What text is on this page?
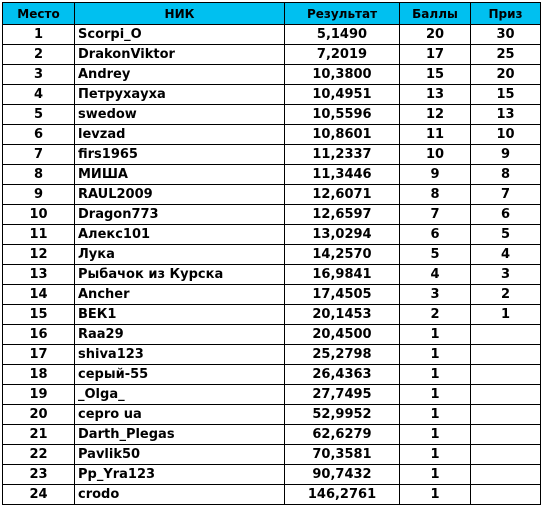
Место	НИК	Результат	Баллы	Приз
1	Scorpi_O	5,1490	20	30
2	DrakonViktor	7,2019	17	25
3	Andrey	10,3800	15	20
4	Петрухауха	10,4951	13	15
5	swedow	10,5596	12	13
6	levzad	10,8601	11	10
7	firs1965	11,2337	10	9
8	МИША	11,3446	9	8
9	RAUL2009	12,6071	8	7
10	Dragon773	12,6597	7	6
11	Алекс101	13,0294	6	5
12	Лука	14,2570	5	4
13	Рыбачок из Курска	16,9841	4	3
14	Ancher	17,4505	3	2
15	ВЕК1	20,1453	2	1
16	Raa29	20,4500	1	
17	shiva123	25,2798	1	
18	серый-55	26,4363	1	
19	_Olga_	27,7495	1	
20	cepro ua	52,9952	1	
21	Darth_Plegas	62,6279	1	
22	Pavlik50	70,3581	1	
23	Pp_Yra123	90,7432	1	
24	crodo	146,2761	1	
